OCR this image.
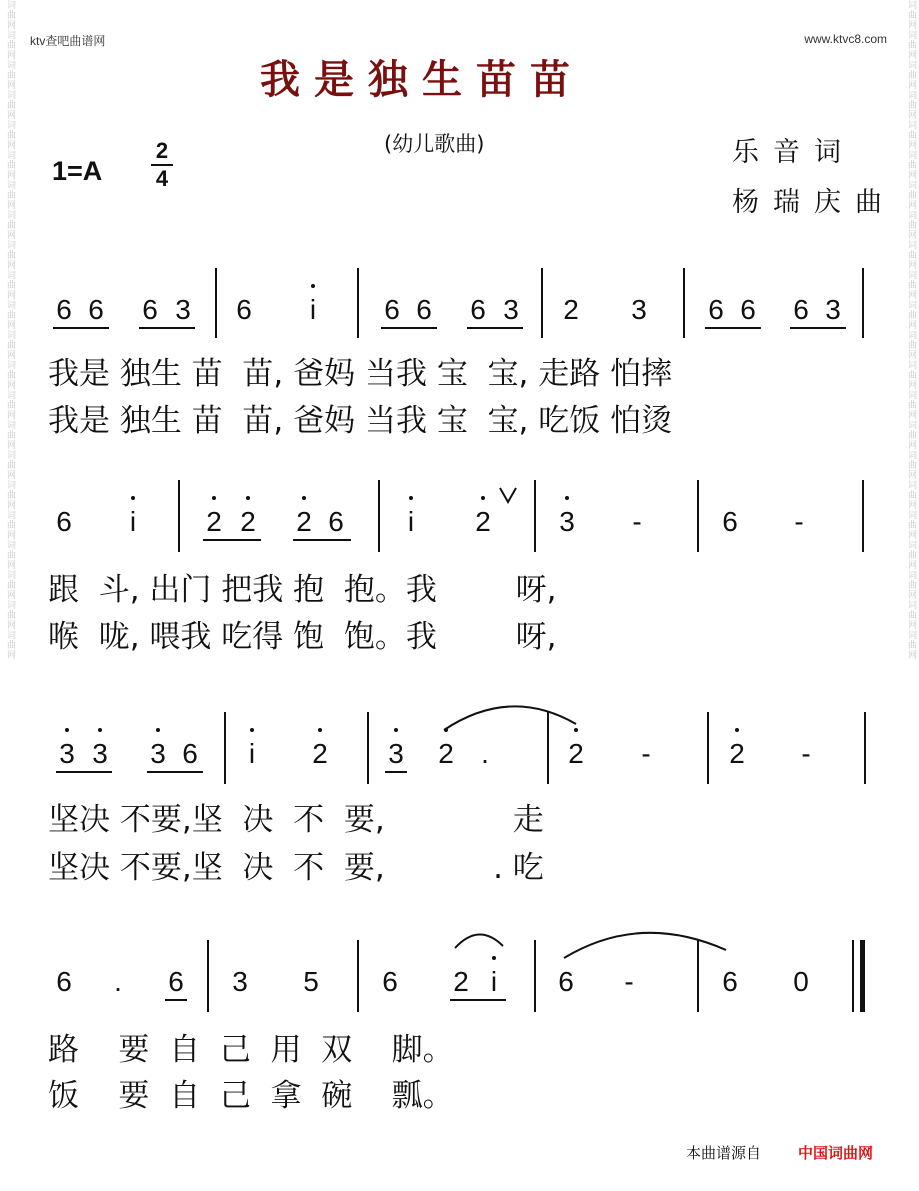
词曲网词曲网词曲网词曲网词曲网词曲网词曲网词曲网词曲网词曲网词曲网词曲网词曲网词曲网词曲网词曲网词曲网词曲网词曲网词曲网词曲网词曲网	词曲网词曲网词曲网词曲网词曲网词曲网词曲网词曲网词曲网词曲网词曲网词曲网词曲网词曲网词曲网词曲网词曲网词曲网词曲网词曲网词曲网词曲网
ktv查吧曲谱网	www.ktvc8.com
我是独生苗苗
(幼儿歌曲)	乐音词
杨瑞庆曲
1=A
2
4
6 6 6 3 6	i	6 6 6 3 2 3 6 6 6 3
我是 独生 苗  苗, 爸妈 当我 宝  宝, 走路 怕摔
我是 独生 苗  苗, 爸妈 当我 宝  宝, 吃饭 怕烫
6	i	2 2 2 6	i	2 3	-	6	-
跟  斗, 出门 把我 抱  抱。我        呀,
喉  咙, 喂我 吃得 饱  饱。我        呀,
3 3 3 6	i	2 3 2 .	2	-	2	-
坚决 不要,坚  决  不  要,             走
坚决 不要,坚  决  不  要,           . 吃
6	.	6 3 5 6 2 i	6	-	6 0
路    要  自  己  用  双    脚。
饭    要  自  己  拿  碗    瓢。
本曲谱源自 中国词曲网
